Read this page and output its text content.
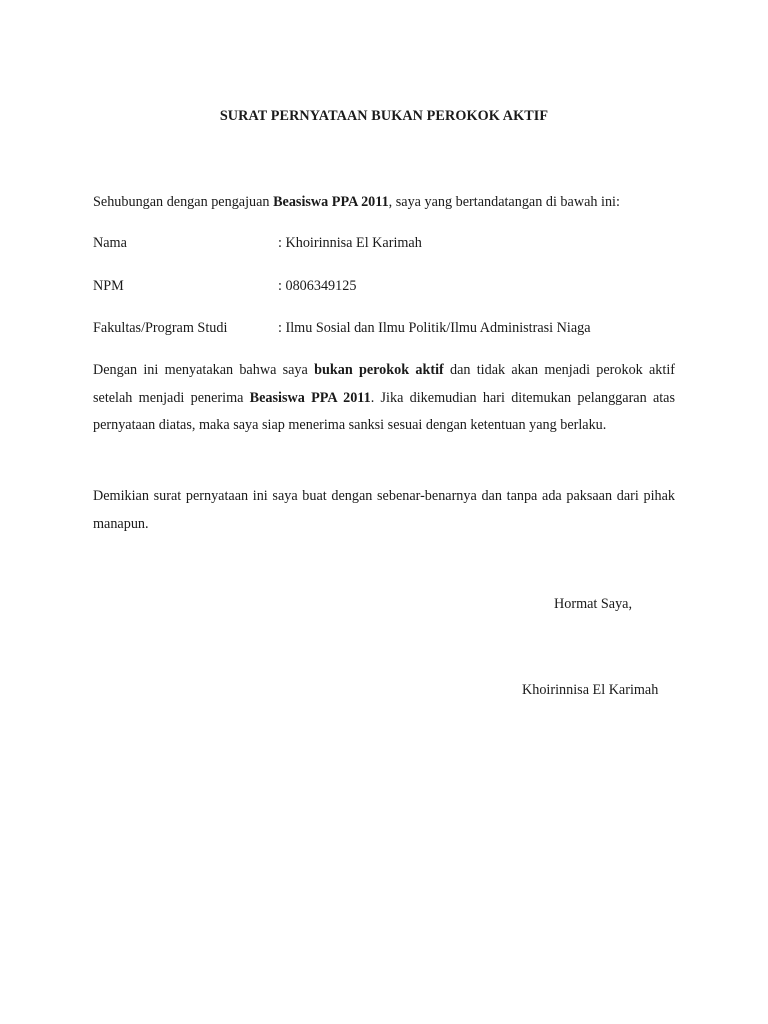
SURAT PERNYATAAN BUKAN PEROKOK AKTIF
Sehubungan dengan pengajuan Beasiswa PPA 2011, saya yang bertandatangan di bawah ini:
Nama	: Khoirinnisa El Karimah
NPM	: 0806349125
Fakultas/Program Studi	: Ilmu Sosial dan Ilmu Politik/Ilmu Administrasi Niaga
Dengan ini menyatakan bahwa saya bukan perokok aktif dan tidak akan menjadi perokok aktif setelah menjadi penerima Beasiswa PPA 2011. Jika dikemudian hari ditemukan pelanggaran atas pernyataan diatas, maka saya siap menerima sanksi sesuai dengan ketentuan yang berlaku.
Demikian surat pernyataan ini saya buat dengan sebenar-benarnya dan tanpa ada paksaan dari pihak manapun.
Hormat Saya,
Khoirinnisa El Karimah
